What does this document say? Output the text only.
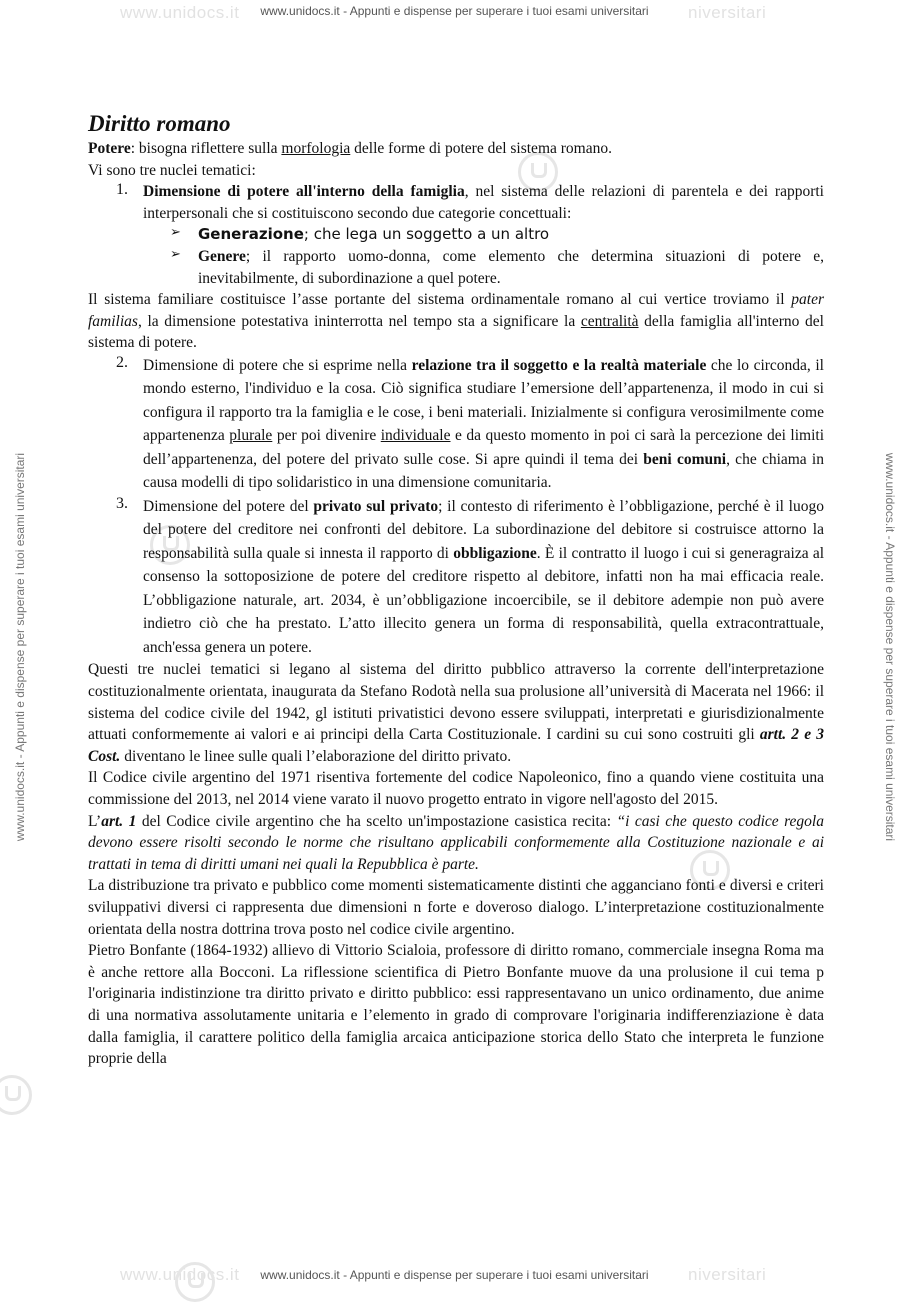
www.unidocs.it	niversitari
www.unidocs.it - Appunti e dispense per superare i tuoi esami universitari
www.unidocs.it	niversitari
www.unidocs.it - Appunti e dispense per superare i tuoi esami universitari
www.unidocs.it - Appunti e dispense per superare i tuoi esami universitari	www.unidocs.it - Appunti e dispense per superare i tuoi esami universitari
Diritto romano

Potere: bisogna riflettere sulla morfologia delle forme di potere del sistema romano.

Vi sono tre nuclei tematici:

1. Dimensione di potere all'interno della famiglia, nel sistema delle relazioni di parentela e dei rapporti interpersonali che si costituiscono secondo due categorie concettuali:

➢ Generazione; che lega un soggetto a un altro

➢ Genere; il rapporto uomo-donna, come elemento che determina situazioni di potere e, inevitabilmente, di subordinazione a quel potere.

Il sistema familiare costituisce l’asse portante del sistema ordinamentale romano al cui vertice troviamo il pater familias, la dimensione potestativa ininterrotta nel tempo sta a significare la centralità della famiglia all'interno del sistema di potere.

2. Dimensione di potere che si esprime nella relazione tra il soggetto e la realtà materiale che lo circonda, il mondo esterno, l'individuo e la cosa. Ciò significa studiare l’emersione dell’appartenenza, il modo in cui si configura il rapporto tra la famiglia e le cose, i beni materiali. Inizialmente si configura verosimilmente come appartenenza plurale per poi divenire individuale e da questo momento in poi ci sarà la percezione dei limiti dell’appartenenza, del potere del privato sulle cose. Si apre quindi il tema dei beni comuni, che chiama in causa modelli di tipo solidaristico in una dimensione comunitaria.

3. Dimensione del potere del privato sul privato; il contesto di riferimento è l’obbligazione, perché è il luogo del potere del creditore nei confronti del debitore. La subordinazione del debitore si costruisce attorno la responsabilità sulla quale si innesta il rapporto di obbligazione. È il contratto il luogo i cui si generagraiza al consenso la sottoposizione de potere del creditore rispetto al debitore, infatti non ha mai efficacia reale. L’obbligazione naturale, art. 2034, è un’obbligazione incoercibile, se il debitore adempie non può avere indietro ciò che ha prestato. L’atto illecito genera un forma di responsabilità, quella extracontrattuale, anch'essa genera un potere.

Questi tre nuclei tematici si legano al sistema del diritto pubblico attraverso la corrente dell'interpretazione costituzionalmente orientata, inaugurata da Stefano Rodotà nella sua prolusione all’università di Macerata nel 1966: il sistema del codice civile del 1942, gl istituti privatistici devono essere sviluppati, interpretati e giurisdizionalmente attuati conformemente ai valori e ai principi della Carta Costituzionale. I cardini su cui sono costruiti gli artt. 2 e 3 Cost. diventano le linee sulle quali l’elaborazione del diritto privato.

Il Codice civile argentino del 1971 risentiva fortemente del codice Napoleonico, fino a quando viene costituita una commissione del 2013, nel 2014 viene varato il nuovo progetto entrato in vigore nell'agosto del 2015.

L’art. 1 del Codice civile argentino che ha scelto un'impostazione casistica recita: “i casi che questo codice regola devono essere risolti secondo le norme che risultano applicabili conformemente alla Costituzione nazionale e ai trattati in tema di diritti umani nei quali la Repubblica è parte.

La distribuzione tra privato e pubblico come momenti sistematicamente distinti che agganciano fonti e diversi e criteri sviluppativi diversi ci rappresenta due dimensioni n forte e doveroso dialogo. L’interpretazione costituzionalmente orientata della nostra dottrina trova posto nel codice civile argentino.

Pietro Bonfante (1864-1932) allievo di Vittorio Scialoia, professore di diritto romano, commerciale insegna Roma ma è anche rettore alla Bocconi. La riflessione scientifica di Pietro Bonfante muove da una prolusione il cui tema p l'originaria indistinzione tra diritto privato e diritto pubblico: essi rappresentavano un unico ordinamento, due anime di una normativa assolutamente unitaria e l’elemento in grado di comprovare l'originaria indifferenziazione è data dalla famiglia, il carattere politico della famiglia arcaica anticipazione storica dello Stato che interpreta le funzione proprie della
